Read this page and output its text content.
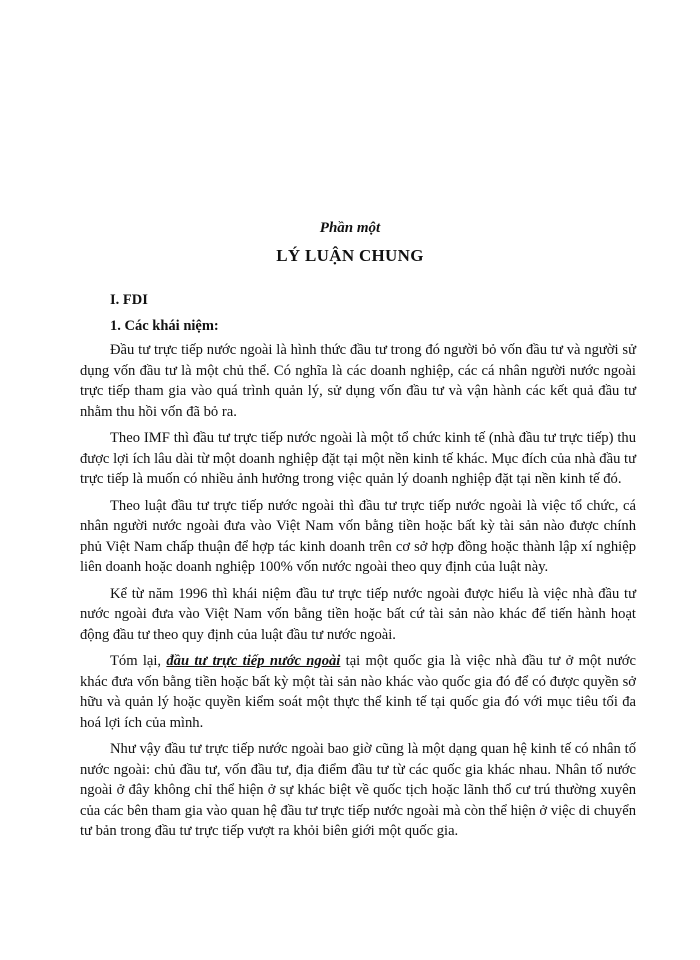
Phần một
LÝ LUẬN CHUNG
I. FDI
1. Các khái niệm:

Đầu tư trực tiếp nước ngoài là hình thức đầu tư trong đó người bỏ vốn đầu tư và người sử dụng vốn đầu tư là một chủ thể. Có nghĩa là các doanh nghiệp, các cá nhân người nước ngoài trực tiếp tham gia vào quá trình quản lý, sử dụng vốn đầu tư và vận hành các kết quả đầu tư nhằm thu hồi vốn đã bỏ ra.

Theo IMF thì đầu tư trực tiếp nước ngoài là một tổ chức kinh tế (nhà đầu tư trực tiếp) thu được lợi ích lâu dài từ một doanh nghiệp đặt tại một nền kinh tế khác. Mục đích của nhà đầu tư trực tiếp là muốn có nhiều ảnh hưởng trong việc quản lý doanh nghiệp đặt tại nền kinh tế đó.

Theo luật đầu tư trực tiếp nước ngoài thì đầu tư trực tiếp nước ngoài là việc tổ chức, cá nhân người nước ngoài đưa vào Việt Nam vốn bằng tiền hoặc bất kỳ tài sản nào được chính phủ Việt Nam chấp thuận để hợp tác kinh doanh trên cơ sở hợp đồng hoặc thành lập xí nghiệp liên doanh hoặc doanh nghiệp 100% vốn nước ngoài theo quy định của luật này.

Kể từ năm 1996 thì khái niệm đầu tư trực tiếp nước ngoài được hiểu là việc nhà đầu tư nước ngoài đưa vào Việt Nam vốn bằng tiền hoặc bất cứ tài sản nào khác để tiến hành hoạt động đầu tư theo quy định của luật đầu tư nước ngoài.

Tóm lại, đầu tư trực tiếp nước ngoài tại một quốc gia là việc nhà đầu tư ở một nước khác đưa vốn bằng tiền hoặc bất kỳ một tài sản nào khác vào quốc gia đó để có được quyền sở hữu và quản lý hoặc quyền kiểm soát một thực thể kinh tế tại quốc gia đó với mục tiêu tối đa hoá lợi ích của mình.

Như vậy đầu tư trực tiếp nước ngoài bao giờ cũng là một dạng quan hệ kinh tế có nhân tố nước ngoài: chủ đầu tư, vốn đầu tư, địa điểm đầu tư từ các quốc gia khác nhau. Nhân tố nước ngoài ở đây không chỉ thể hiện ở sự khác biệt về quốc tịch hoặc lãnh thổ cư trú thường xuyên của các bên tham gia vào quan hệ đầu tư trực tiếp nước ngoài mà còn thể hiện ở việc di chuyển tư bản trong đầu tư trực tiếp vượt ra khỏi biên giới một quốc gia.
